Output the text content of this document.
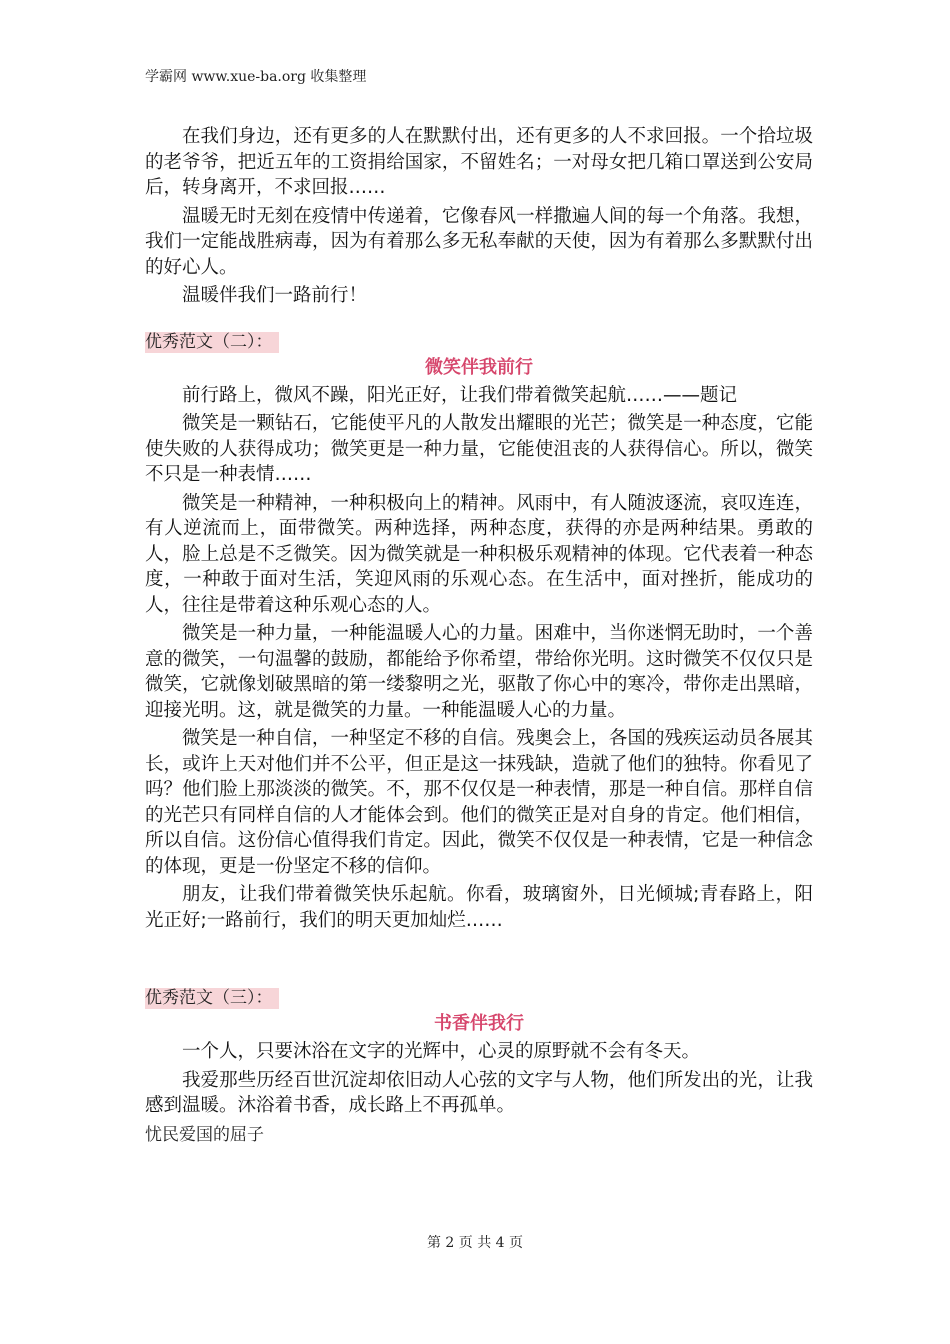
学霸网 www.xue-ba.org 收集整理

在我们身边，还有更多的人在默默付出，还有更多的人不求回报。一个拾垃圾的老爷爷，把近五年的工资捐给国家，不留姓名；一对母女把几箱口罩送到公安局后，转身离开，不求回报……

温暖无时无刻在疫情中传递着，它像春风一样撒遍人间的每一个角落。我想，我们一定能战胜病毒，因为有着那么多无私奉献的天使，因为有着那么多默默付出的好心人。

温暖伴我们一路前行！

优秀范文（二）：
微笑伴我前行

前行路上，微风不躁，阳光正好，让我们带着微笑起航……——题记

微笑是一颗钻石，它能使平凡的人散发出耀眼的光芒；微笑是一种态度，它能使失败的人获得成功；微笑更是一种力量，它能使沮丧的人获得信心。所以，微笑不只是一种表情……

微笑是一种精神，一种积极向上的精神。风雨中，有人随波逐流，哀叹连连，有人逆流而上，面带微笑。两种选择，两种态度，获得的亦是两种结果。勇敢的人，脸上总是不乏微笑。因为微笑就是一种积极乐观精神的体现。它代表着一种态度，一种敢于面对生活，笑迎风雨的乐观心态。在生活中，面对挫折，能成功的人，往往是带着这种乐观心态的人。

微笑是一种力量，一种能温暖人心的力量。困难中，当你迷惘无助时，一个善意的微笑，一句温馨的鼓励，都能给予你希望，带给你光明。这时微笑不仅仅只是微笑，它就像划破黑暗的第一缕黎明之光，驱散了你心中的寒冷，带你走出黑暗，迎接光明。这，就是微笑的力量。一种能温暖人心的力量。

微笑是一种自信，一种坚定不移的自信。残奥会上，各国的残疾运动员各展其长，或许上天对他们并不公平，但正是这一抹残缺，造就了他们的独特。你看见了吗？他们脸上那淡淡的微笑。不，那不仅仅是一种表情，那是一种自信。那样自信的光芒只有同样自信的人才能体会到。他们的微笑正是对自身的肯定。他们相信，所以自信。这份信心值得我们肯定。因此，微笑不仅仅是一种表情，它是一种信念的体现，更是一份坚定不移的信仰。

朋友，让我们带着微笑快乐起航。你看，玻璃窗外，日光倾城;青春路上，阳光正好;一路前行，我们的明天更加灿烂……

优秀范文（三）：
书香伴我行

一个人，只要沐浴在文字的光辉中，心灵的原野就不会有冬天。

我爱那些历经百世沉淀却依旧动人心弦的文字与人物，他们所发出的光，让我感到温暖。沐浴着书香，成长路上不再孤单。

忧民爱国的屈子
第 2 页 共 4 页
